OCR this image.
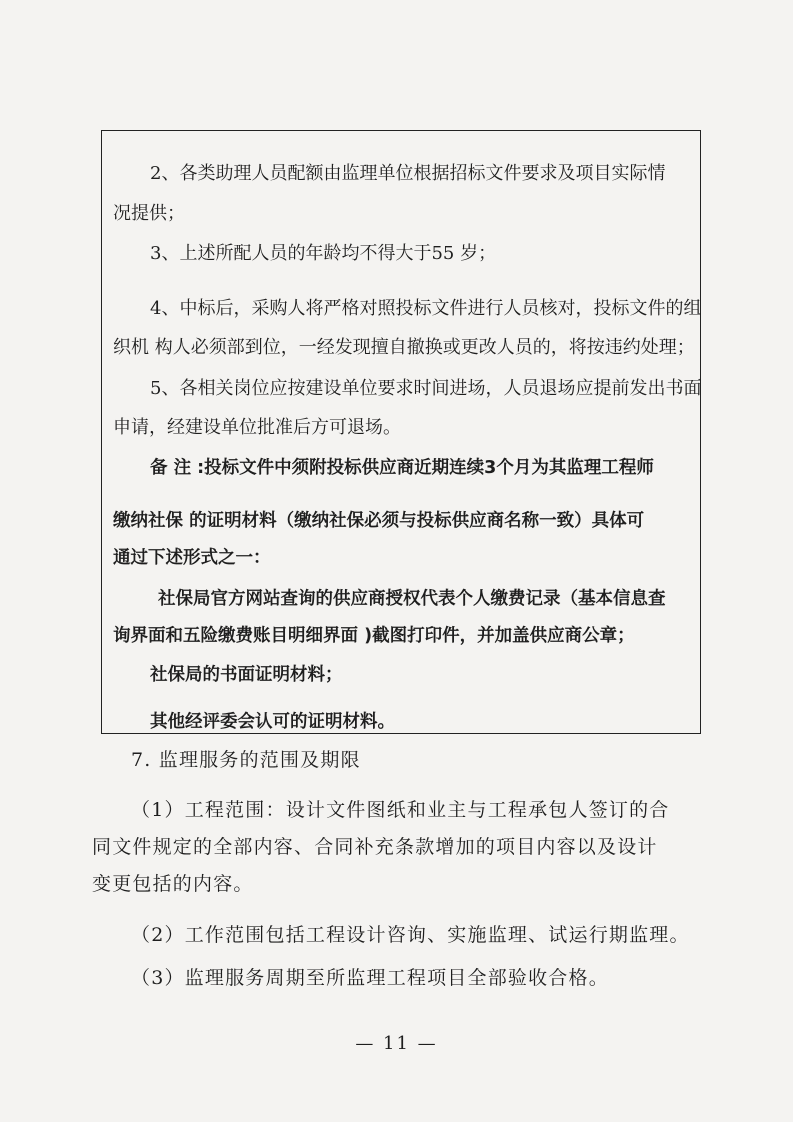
2、各类助理人员配额由监理单位根据招标文件要求及项目实际情
况提供；
3、上述所配人员的年龄均不得大于55 岁；
4、中标后，采购人将严格对照投标文件进行人员核对，投标文件的组
织机 构人必须部到位，一经发现擅自撤换或更改人员的，将按违约处理；
5、各相关岗位应按建设单位要求时间进场，人员退场应提前发出书面
申请，经建设单位批准后方可退场。
备 注 :投标文件中须附投标供应商近期连续3个月为其监理工程师
缴纳社保 的证明材料（缴纳社保必须与投标供应商名称一致）具体可
通过下述形式之一：
社保局官方网站查询的供应商授权代表个人缴费记录（基本信息查
询界面和五险缴费账目明细界面 )截图打印件，并加盖供应商公章；
社保局的书面证明材料；
其他经评委会认可的证明材料。
7. 监理服务的范围及期限
（1）工程范围：设计文件图纸和业主与工程承包人签订的合
同文件规定的全部内容、合同补充条款增加的项目内容以及设计
变更包括的内容。
（2）工作范围包括工程设计咨询、实施监理、试运行期监理。
（3）监理服务周期至所监理工程项目全部验收合格。
— 11 —
